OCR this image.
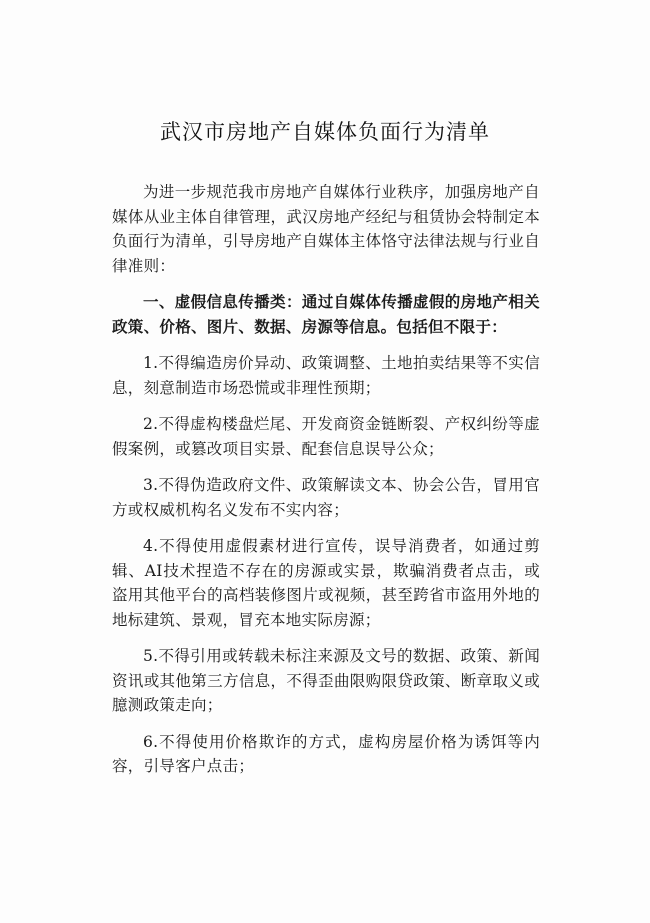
武汉市房地产自媒体负面行为清单

为进一步规范我市房地产自媒体行业秩序，加强房地产自媒体从业主体自律管理，武汉房地产经纪与租赁协会特制定本负面行为清单，引导房地产自媒体主体恪守法律法规与行业自律准则：

一、虚假信息传播类：通过自媒体传播虚假的房地产相关政策、价格、图片、数据、房源等信息。包括但不限于：

1.不得编造房价异动、政策调整、土地拍卖结果等不实信息，刻意制造市场恐慌或非理性预期；

2.不得虚构楼盘烂尾、开发商资金链断裂、产权纠纷等虚假案例，或篡改项目实景、配套信息误导公众；

3.不得伪造政府文件、政策解读文本、协会公告，冒用官方或权威机构名义发布不实内容；

4.不得使用虚假素材进行宣传，误导消费者，如通过剪辑、AI技术捏造不存在的房源或实景，欺骗消费者点击，或盗用其他平台的高档装修图片或视频，甚至跨省市盗用外地的地标建筑、景观，冒充本地实际房源；

5.不得引用或转载未标注来源及文号的数据、政策、新闻资讯或其他第三方信息，不得歪曲限购限贷政策、断章取义或臆测政策走向；

6.不得使用价格欺诈的方式，虚构房屋价格为诱饵等内容，引导客户点击；
